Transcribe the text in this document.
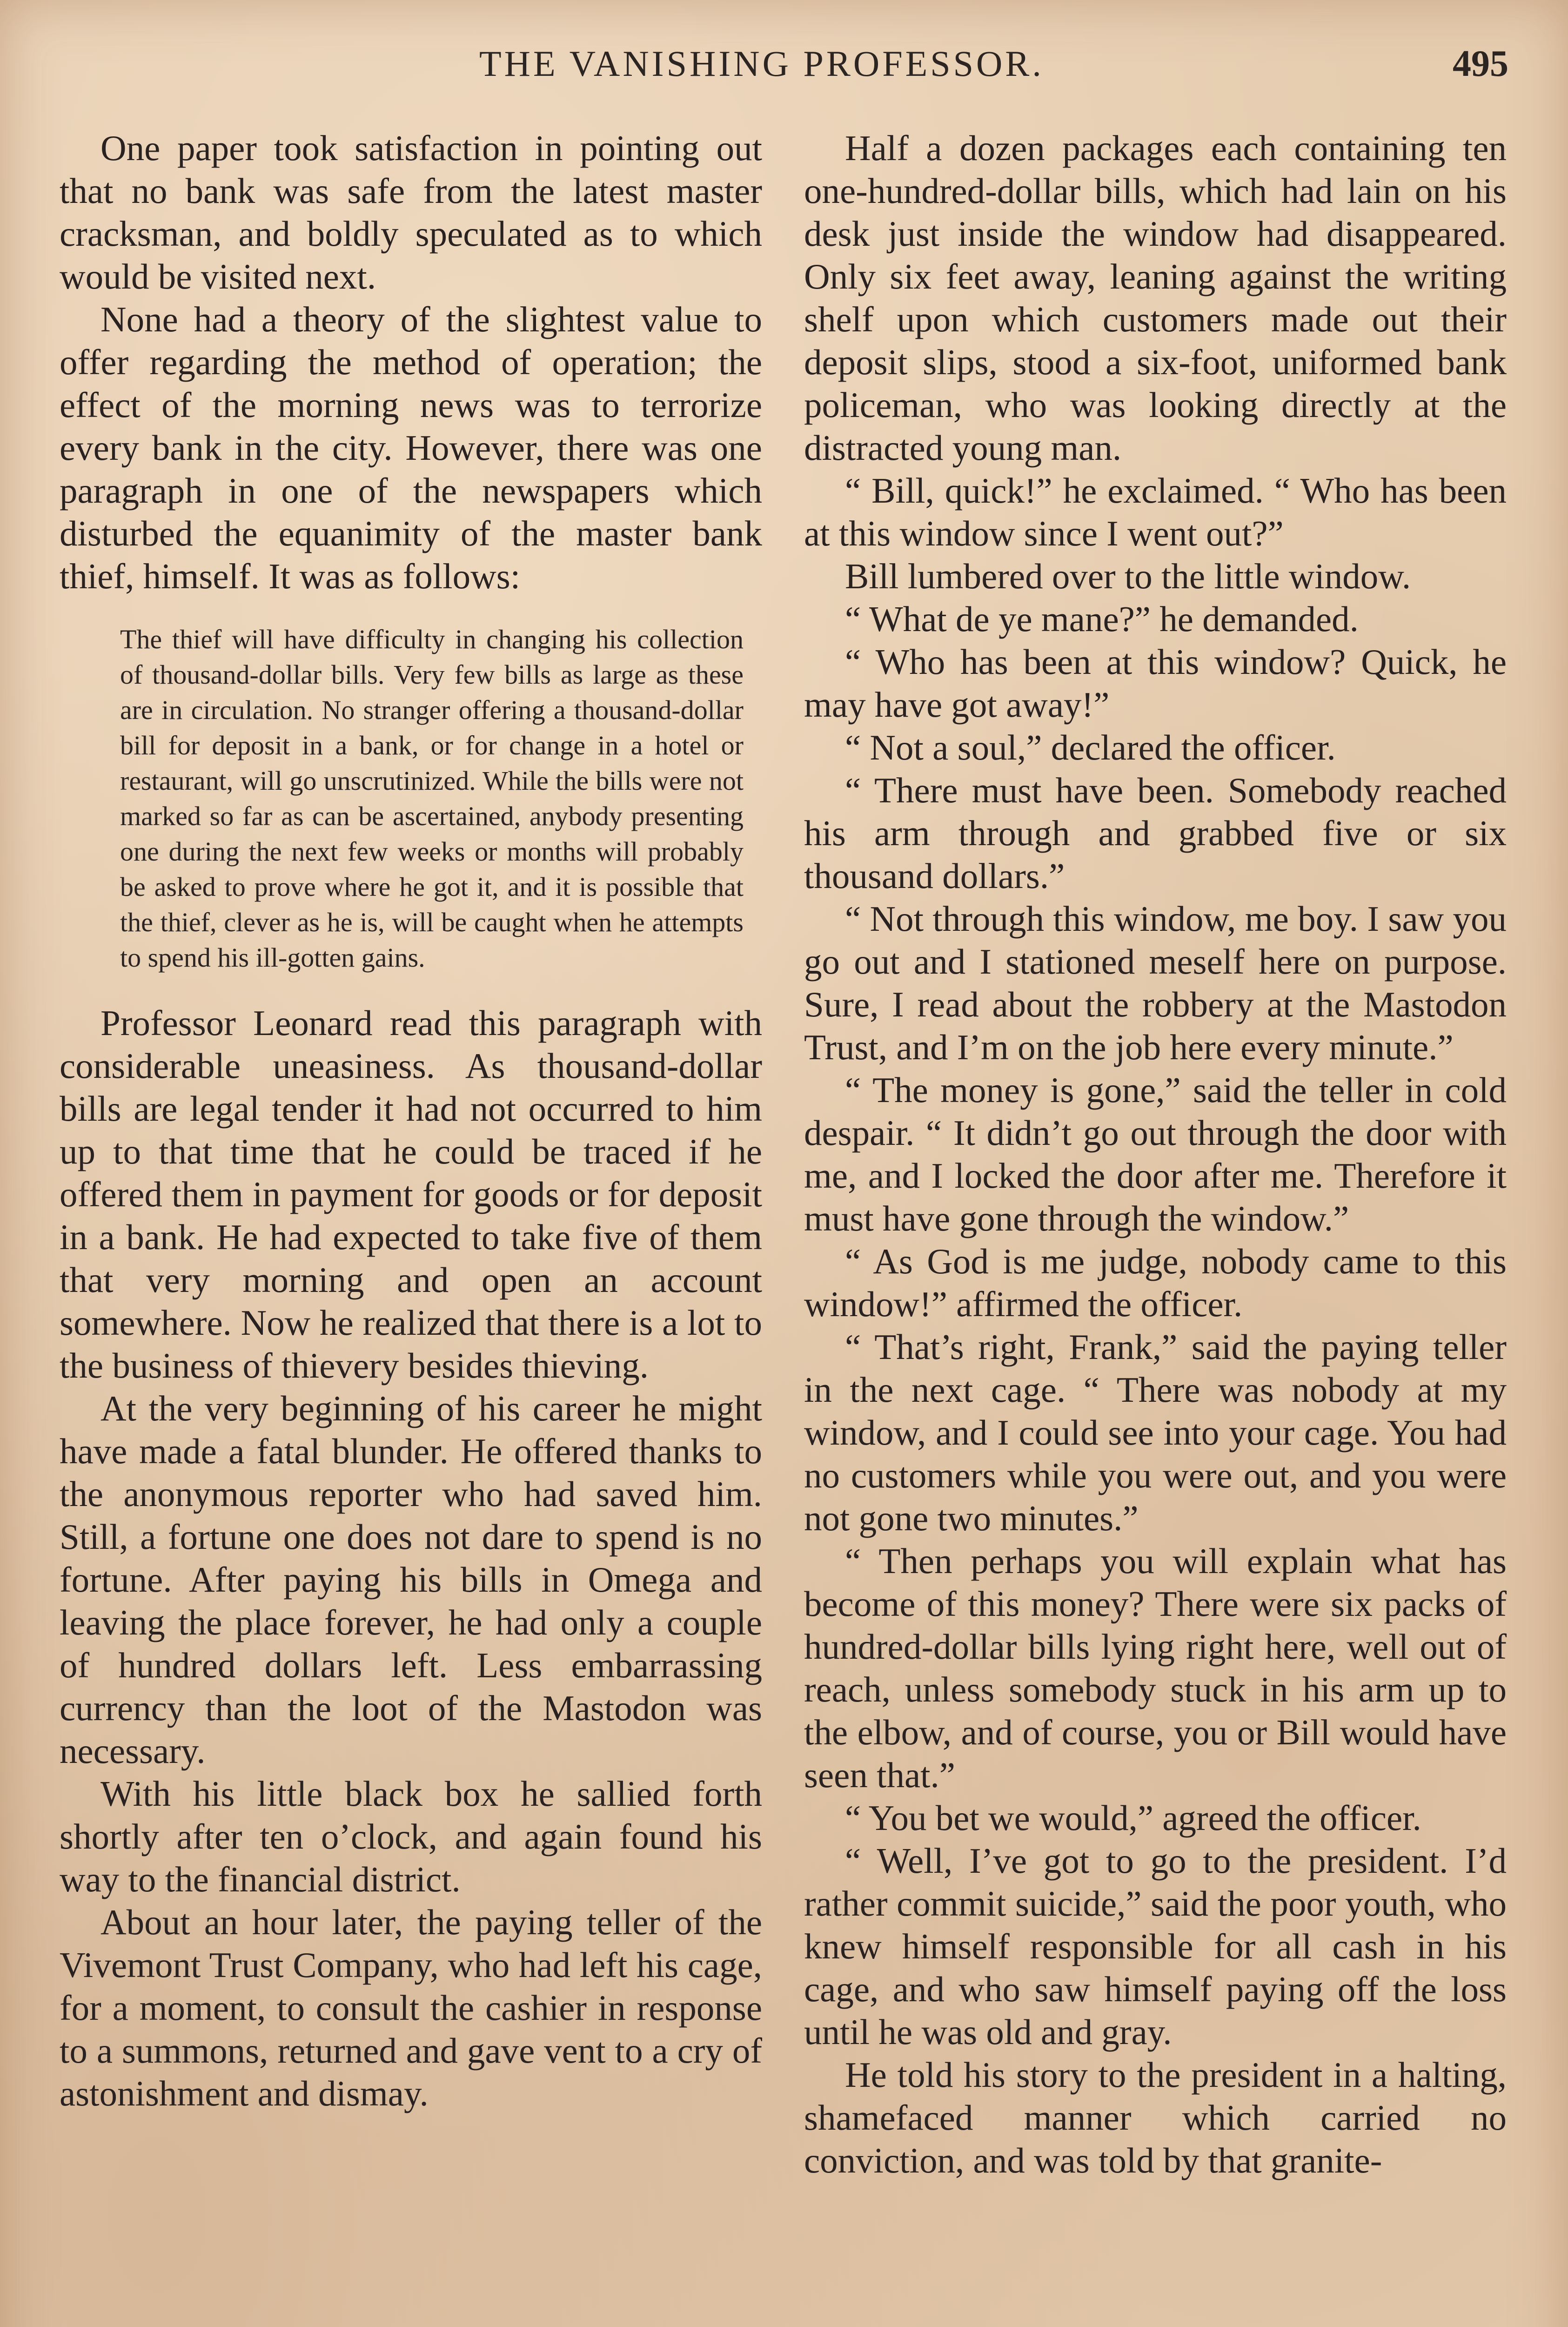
THE VANISHING PROFESSOR.	495

One paper took satisfaction in pointing out that no bank was safe from the latest master cracksman, and boldly speculated as to which would be visited next.

None had a theory of the slightest value to offer regarding the method of operation; the effect of the morning news was to terrorize every bank in the city. However, there was one paragraph in one of the newspapers which disturbed the equanimity of the master bank thief, himself. It was as follows:

The thief will have difficulty in changing his collection of thousand-dollar bills. Very few bills as large as these are in circulation. No stranger offering a thousand-dollar bill for deposit in a bank, or for change in a hotel or restaurant, will go unscrutinized. While the bills were not marked so far as can be ascertained, anybody presenting one during the next few weeks or months will probably be asked to prove where he got it, and it is possible that the thief, clever as he is, will be caught when he attempts to spend his ill-gotten gains.

Professor Leonard read this paragraph with considerable uneasiness. As thousand-dollar bills are legal tender it had not occurred to him up to that time that he could be traced if he offered them in payment for goods or for deposit in a bank. He had expected to take five of them that very morning and open an account somewhere. Now he realized that there is a lot to the business of thievery besides thieving.

At the very beginning of his career he might have made a fatal blunder. He offered thanks to the anonymous reporter who had saved him. Still, a fortune one does not dare to spend is no fortune. After paying his bills in Omega and leaving the place forever, he had only a couple of hundred dollars left. Less embarrassing currency than the loot of the Mastodon was necessary.

With his little black box he sallied forth shortly after ten o’clock, and again found his way to the financial district.

About an hour later, the paying teller of the Vivemont Trust Company, who had left his cage, for a moment, to consult the cashier in response to a summons, returned and gave vent to a cry of astonishment and dismay.

Half a dozen packages each containing ten one-hundred-dollar bills, which had lain on his desk just inside the window had disappeared. Only six feet away, leaning against the writing shelf upon which customers made out their deposit slips, stood a six-foot, uniformed bank policeman, who was looking directly at the distracted young man.

“ Bill, quick!” he exclaimed. “ Who has been at this window since I went out?”

Bill lumbered over to the little window.

“ What de ye mane?” he demanded.

“ Who has been at this window? Quick, he may have got away!”

“ Not a soul,” declared the officer.

“ There must have been. Somebody reached his arm through and grabbed five or six thousand dollars.”

“ Not through this window, me boy. I saw you go out and I stationed meself here on purpose. Sure, I read about the robbery at the Mastodon Trust, and I’m on the job here every minute.”

“ The money is gone,” said the teller in cold despair. “ It didn’t go out through the door with me, and I locked the door after me. Therefore it must have gone through the window.”

“ As God is me judge, nobody came to this window!” affirmed the officer.

“ That’s right, Frank,” said the paying teller in the next cage. “ There was nobody at my window, and I could see into your cage. You had no customers while you were out, and you were not gone two minutes.”

“ Then perhaps you will explain what has become of this money? There were six packs of hundred-dollar bills lying right here, well out of reach, unless somebody stuck in his arm up to the elbow, and of course, you or Bill would have seen that.”

“ You bet we would,” agreed the officer.

“ Well, I’ve got to go to the president. I’d rather commit suicide,” said the poor youth, who knew himself responsible for all cash in his cage, and who saw himself paying off the loss until he was old and gray.

He told his story to the president in a halting, shamefaced manner which carried no conviction, and was told by that granite-
